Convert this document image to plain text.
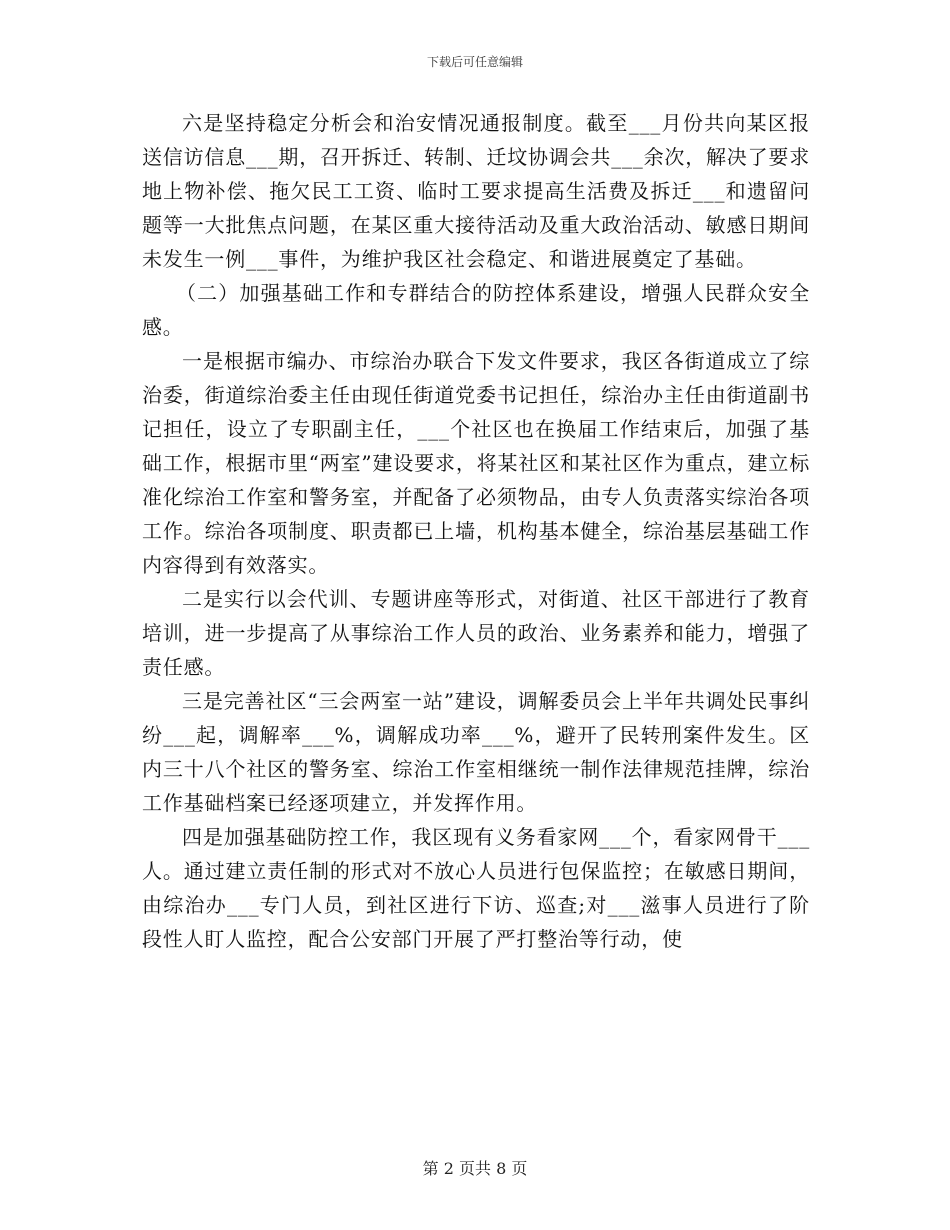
下载后可任意编辑

六是坚持稳定分析会和治安情况通报制度。截至___月份共向某区报送信访信息___期，召开拆迁、转制、迁坟协调会共___余次，解决了要求地上物补偿、拖欠民工工资、临时工要求提高生活费及拆迁___和遗留问题等一大批焦点问题，在某区重大接待活动及重大政治活动、敏感日期间未发生一例___事件，为维护我区社会稳定、和谐进展奠定了基础。

（二）加强基础工作和专群结合的防控体系建设，增强人民群众安全感。

一是根据市编办、市综治办联合下发文件要求，我区各街道成立了综治委，街道综治委主任由现任街道党委书记担任，综治办主任由街道副书记担任，设立了专职副主任，___个社区也在换届工作结束后，加强了基础工作，根据市里“两室”建设要求，将某社区和某社区作为重点，建立标准化综治工作室和警务室，并配备了必须物品，由专人负责落实综治各项工作。综治各项制度、职责都已上墙，机构基本健全，综治基层基础工作内容得到有效落实。

二是实行以会代训、专题讲座等形式，对街道、社区干部进行了教育培训，进一步提高了从事综治工作人员的政治、业务素养和能力，增强了责任感。

三是完善社区“三会两室一站”建设，调解委员会上半年共调处民事纠纷___起，调解率___%，调解成功率___%，避开了民转刑案件发生。区内三十八个社区的警务室、综治工作室相继统一制作法律规范挂牌，综治工作基础档案已经逐项建立，并发挥作用。

四是加强基础防控工作，我区现有义务看家网___个，看家网骨干___人。通过建立责任制的形式对不放心人员进行包保监控；在敏感日期间，由综治办___专门人员，到社区进行下访、巡查;对___滋事人员进行了阶段性人盯人监控，配合公安部门开展了严打整治等行动，使

第 2 页共 8 页
